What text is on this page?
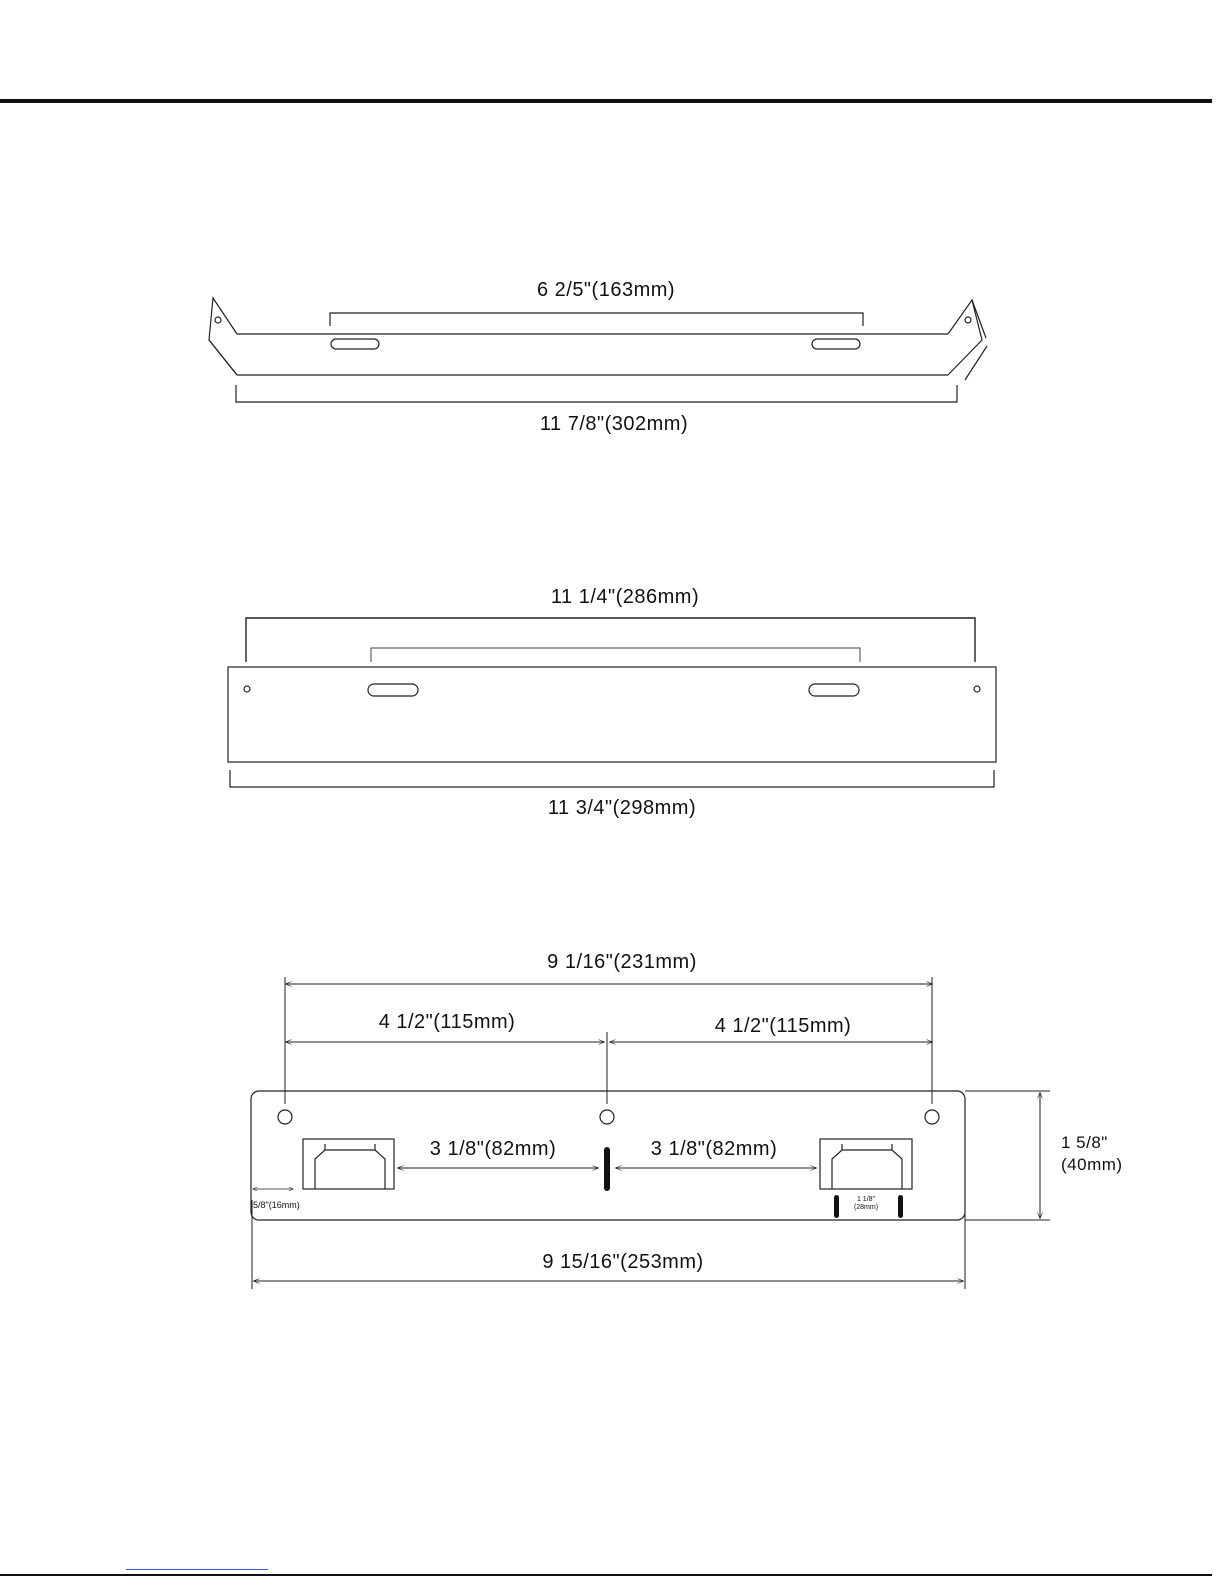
6 2/5"(163mm)
11 7/8"(302mm)
11 1/4"(286mm)
11 3/4"(298mm)
9 1/16"(231mm)
4 1/2"(115mm)	4 1/2"(115mm)
3 1/8"(82mm)	3 1/8"(82mm)
5/8"(16mm)
1 1/8"
(28mm)
1 5/8"
(40mm)
9 15/16"(253mm)
